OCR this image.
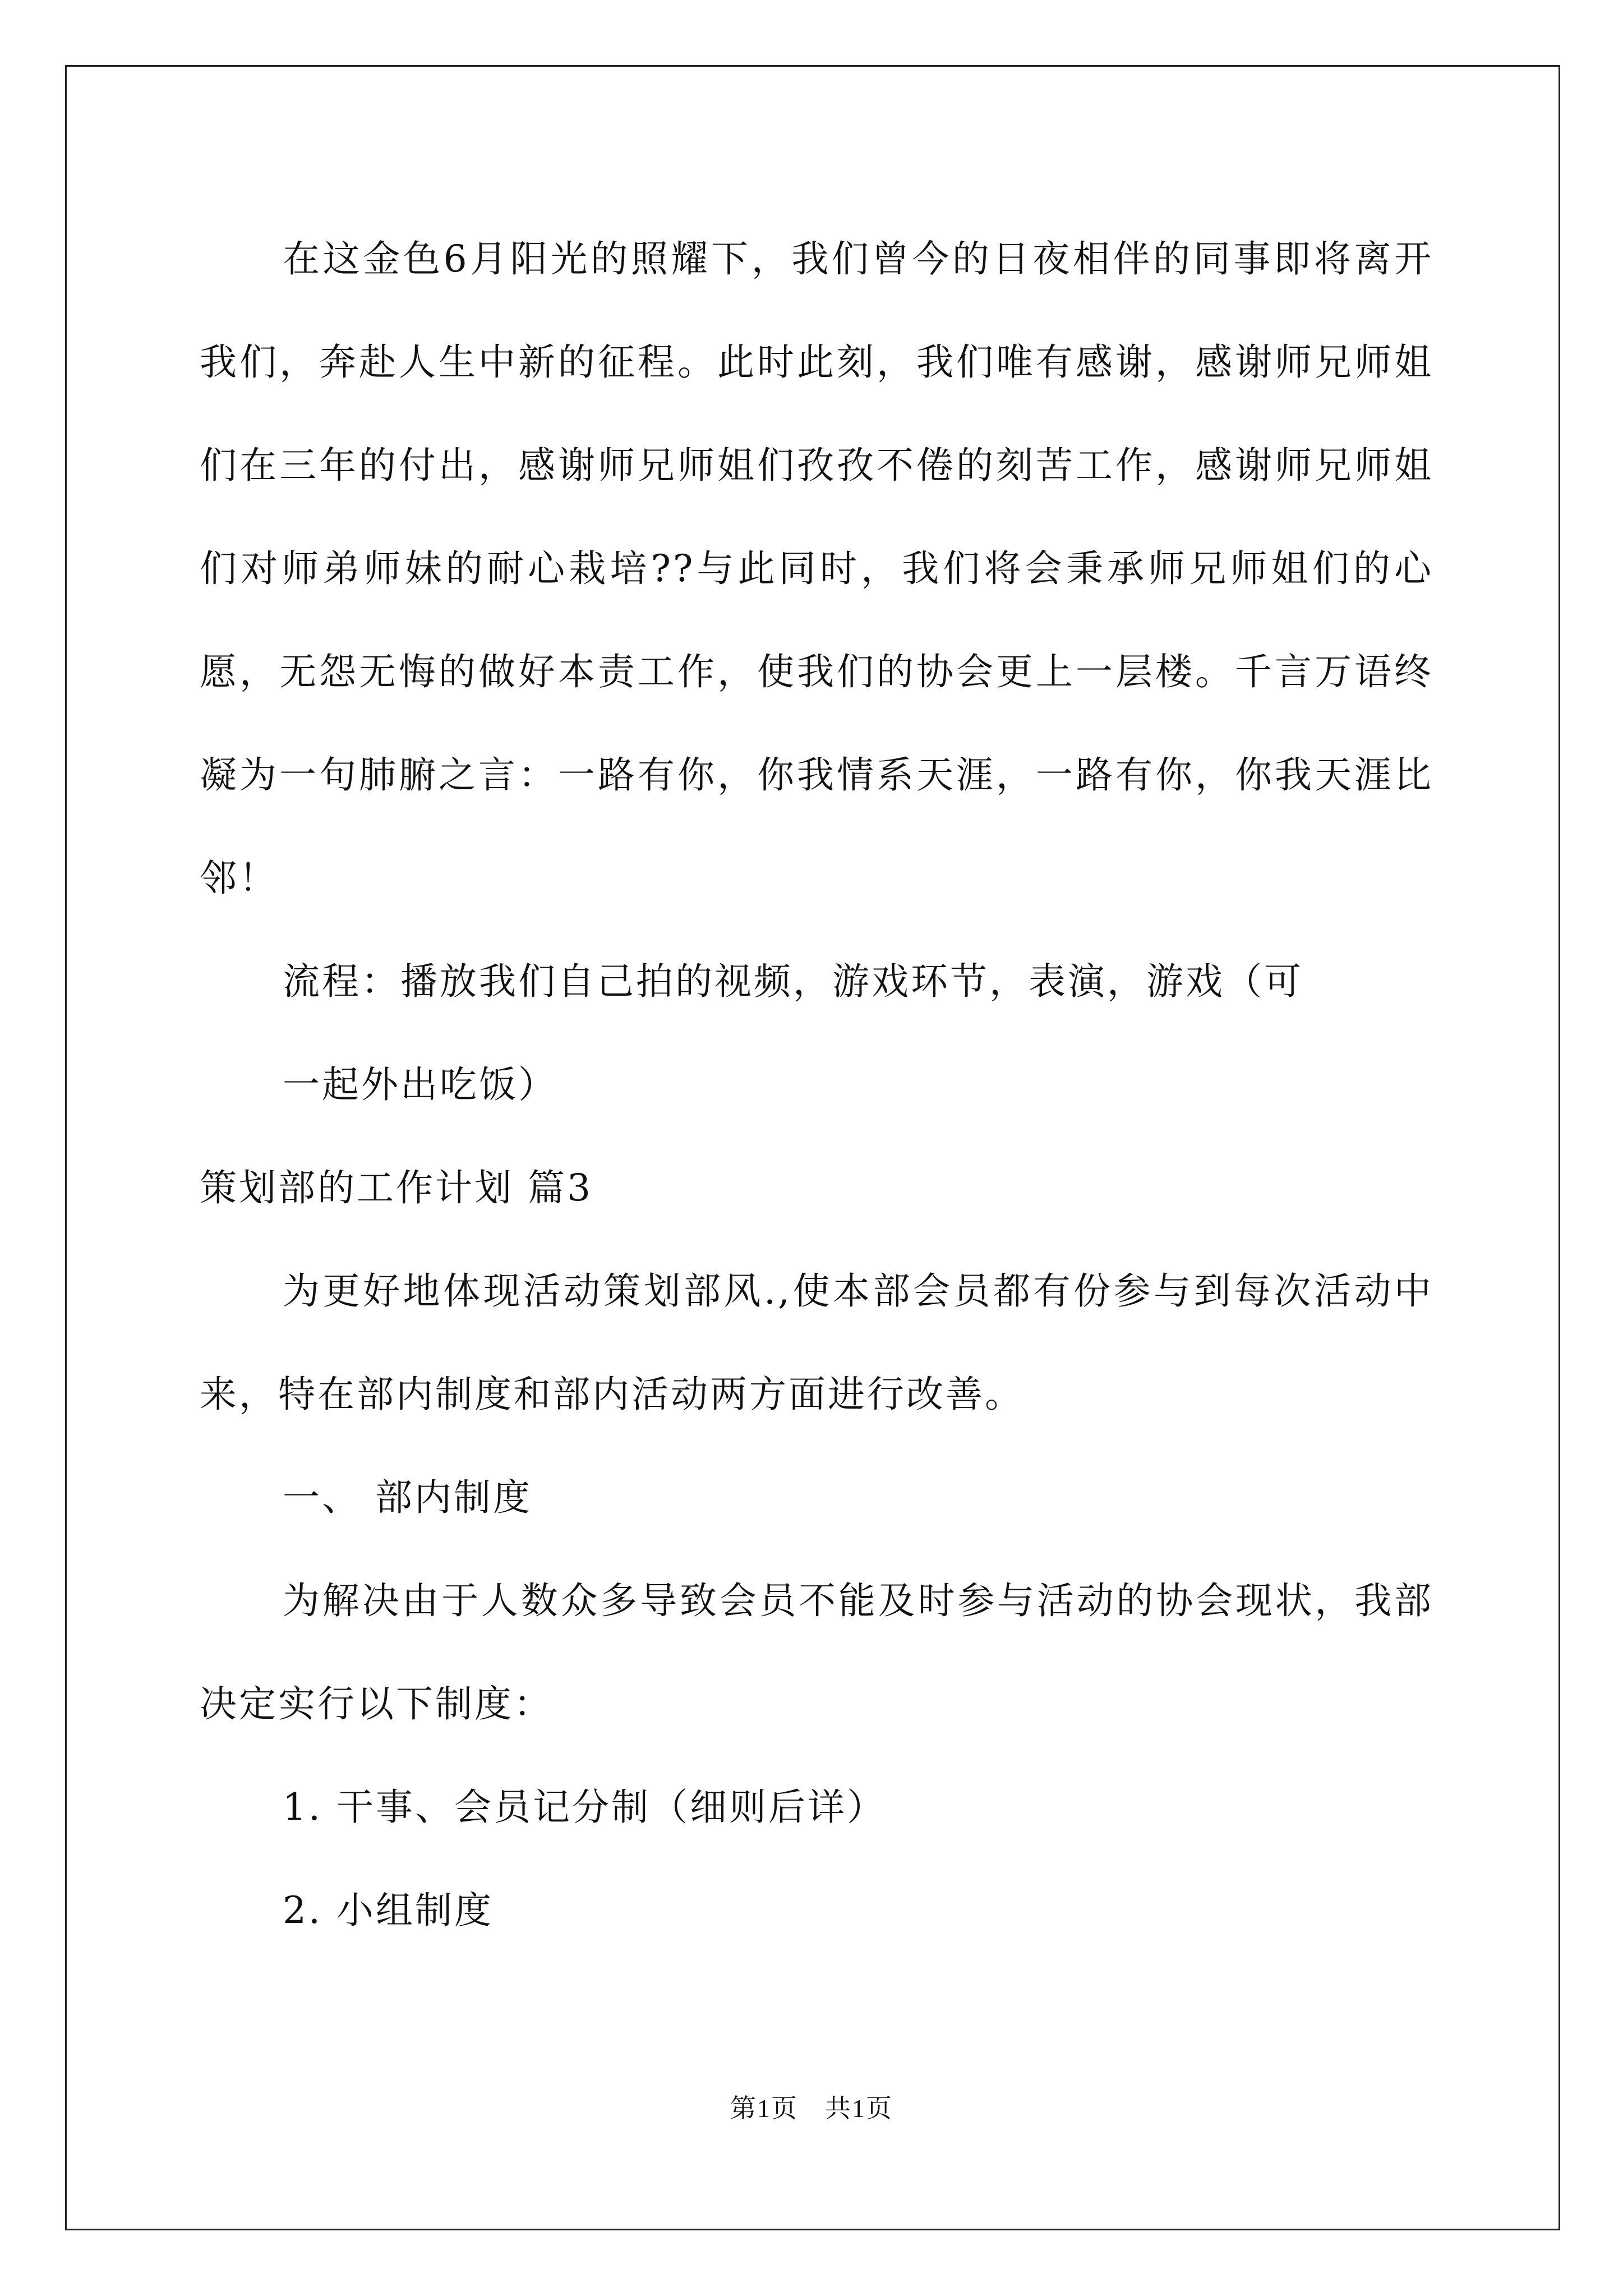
在这金色6月阳光的照耀下，我们曾今的日夜相伴的同事即将离开我们，奔赴人生中新的征程。此时此刻，我们唯有感谢，感谢师兄师姐们在三年的付出，感谢师兄师姐们孜孜不倦的刻苦工作，感谢师兄师姐们对师弟师妹的耐心栽培??与此同时，我们将会秉承师兄师姐们的心愿，无怨无悔的做好本责工作，使我们的协会更上一层楼。千言万语终凝为一句肺腑之言：一路有你，你我情系天涯，一路有你，你我天涯比邻！

流程：播放我们自己拍的视频，游戏环节，表演，游戏（可

一起外出吃饭）

策划部的工作计划 篇3

为更好地体现活动策划部风.,使本部会员都有份参与到每次活动中来，特在部内制度和部内活动两方面进行改善。

一、 部内制度

为解决由于人数众多导致会员不能及时参与活动的协会现状，我部决定实行以下制度：

1. 干事、会员记分制（细则后详）

2. 小组制度

第1页　共1页
